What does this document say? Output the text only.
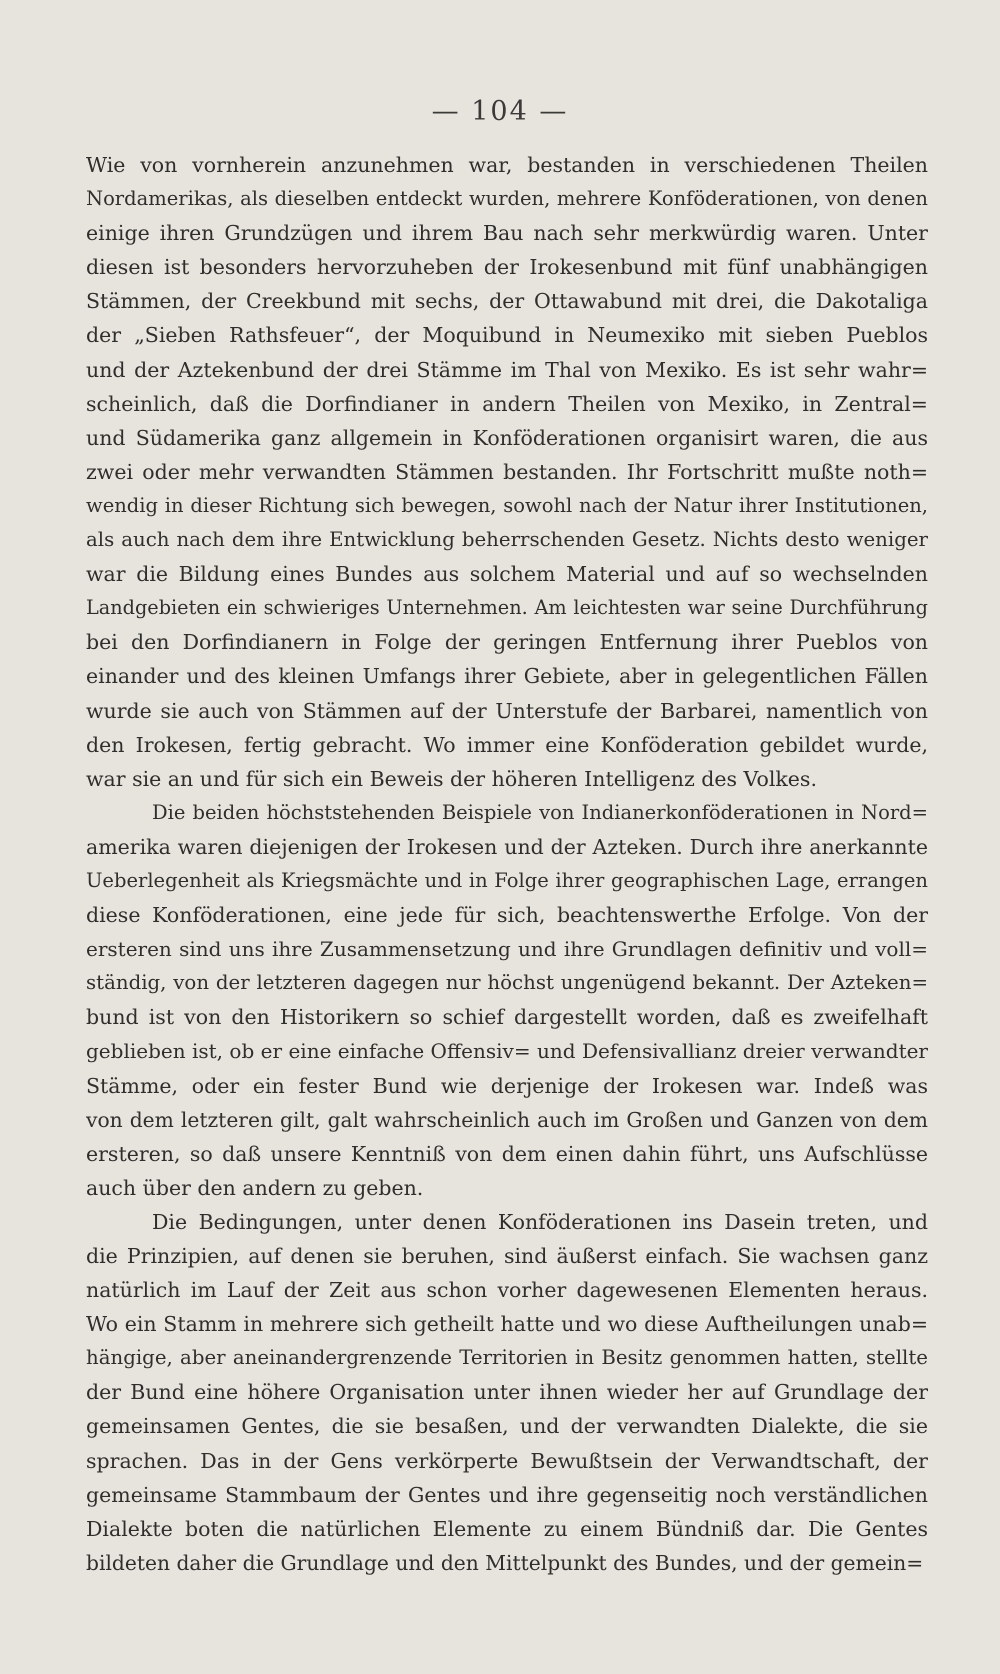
— 104 —
Wie von vornherein anzunehmen war, bestanden in verschiedenen Theilen
Nordamerikas, als dieselben entdeckt wurden, mehrere Konföderationen, von denen
einige ihren Grundzügen und ihrem Bau nach sehr merkwürdig waren. Unter
diesen ist besonders hervorzuheben der Irokesenbund mit fünf unabhängigen
Stämmen, der Creekbund mit sechs, der Ottawabund mit drei, die Dakotaliga
der „Sieben Rathsfeuer“, der Moquibund in Neumexiko mit sieben Pueblos
und der Aztekenbund der drei Stämme im Thal von Mexiko. Es ist sehr wahr=
scheinlich, daß die Dorfindianer in andern Theilen von Mexiko, in Zentral=
und Südamerika ganz allgemein in Konföderationen organisirt waren, die aus
zwei oder mehr verwandten Stämmen bestanden. Ihr Fortschritt mußte noth=
wendig in dieser Richtung sich bewegen, sowohl nach der Natur ihrer Institutionen,
als auch nach dem ihre Entwicklung beherrschenden Gesetz. Nichts desto weniger
war die Bildung eines Bundes aus solchem Material und auf so wechselnden
Landgebieten ein schwieriges Unternehmen. Am leichtesten war seine Durchführung
bei den Dorfindianern in Folge der geringen Entfernung ihrer Pueblos von
einander und des kleinen Umfangs ihrer Gebiete, aber in gelegentlichen Fällen
wurde sie auch von Stämmen auf der Unterstufe der Barbarei, namentlich von
den Irokesen, fertig gebracht. Wo immer eine Konföderation gebildet wurde,
war sie an und für sich ein Beweis der höheren Intelligenz des Volkes.
Die beiden höchststehenden Beispiele von Indianerkonföderationen in Nord=
amerika waren diejenigen der Irokesen und der Azteken. Durch ihre anerkannte
Ueberlegenheit als Kriegsmächte und in Folge ihrer geographischen Lage, errangen
diese Konföderationen, eine jede für sich, beachtenswerthe Erfolge. Von der
ersteren sind uns ihre Zusammensetzung und ihre Grundlagen definitiv und voll=
ständig, von der letzteren dagegen nur höchst ungenügend bekannt. Der Azteken=
bund ist von den Historikern so schief dargestellt worden, daß es zweifelhaft
geblieben ist, ob er eine einfache Offensiv= und Defensivallianz dreier verwandter
Stämme, oder ein fester Bund wie derjenige der Irokesen war. Indeß was
von dem letzteren gilt, galt wahrscheinlich auch im Großen und Ganzen von dem
ersteren, so daß unsere Kenntniß von dem einen dahin führt, uns Aufschlüsse
auch über den andern zu geben.
Die Bedingungen, unter denen Konföderationen ins Dasein treten, und
die Prinzipien, auf denen sie beruhen, sind äußerst einfach. Sie wachsen ganz
natürlich im Lauf der Zeit aus schon vorher dagewesenen Elementen heraus.
Wo ein Stamm in mehrere sich getheilt hatte und wo diese Auftheilungen unab=
hängige, aber aneinandergrenzende Territorien in Besitz genommen hatten, stellte
der Bund eine höhere Organisation unter ihnen wieder her auf Grundlage der
gemeinsamen Gentes, die sie besaßen, und der verwandten Dialekte, die sie
sprachen. Das in der Gens verkörperte Bewußtsein der Verwandtschaft, der
gemeinsame Stammbaum der Gentes und ihre gegenseitig noch verständlichen
Dialekte boten die natürlichen Elemente zu einem Bündniß dar. Die Gentes
bildeten daher die Grundlage und den Mittelpunkt des Bundes, und der gemein=
